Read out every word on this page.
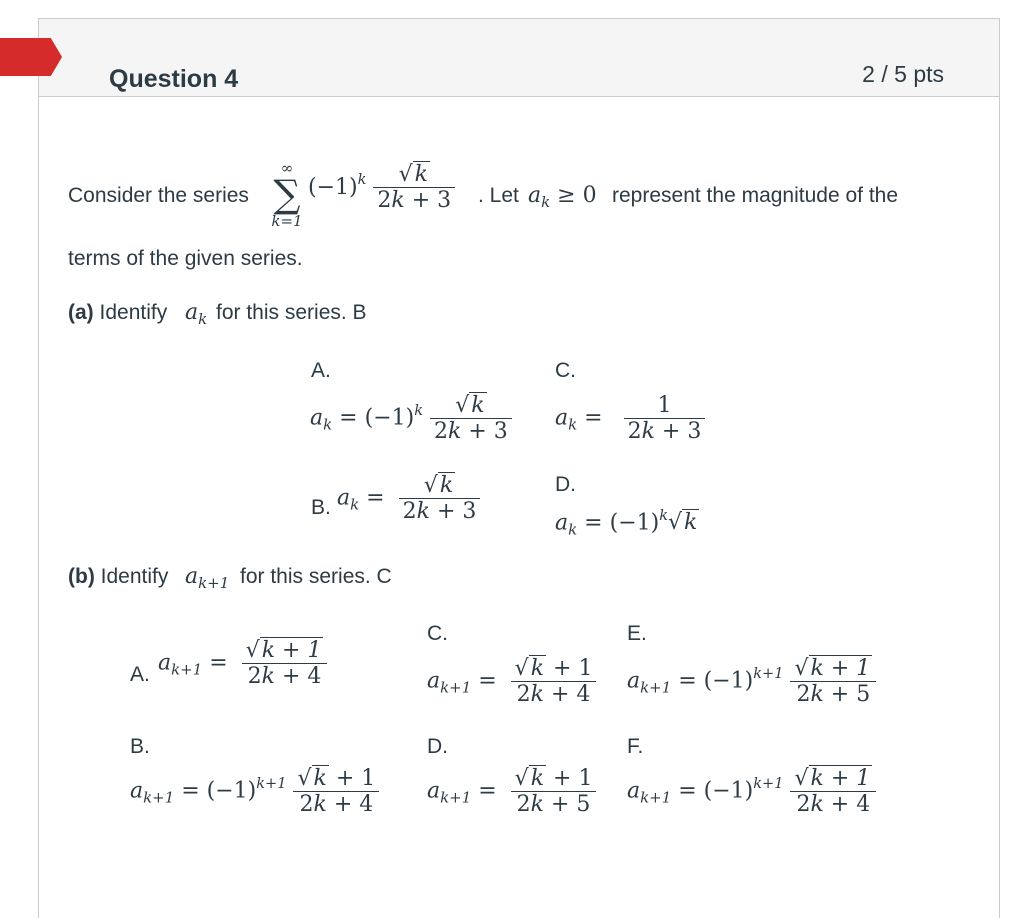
Question 4	2 / 5 pts
Consider the series
∞
∑
k=1
$(-1)^k \frac{√k}{2k + 3}$ . Let $a_k \ge 0$ represent the magnitude of the
terms of the given series.
(a) Identify $a_k$ for this series. B
A.
$a_k = (-1)^k \frac{√k}{2k + 3}$
C.
$a_k = \frac{1}{2k + 3}$
B. $a_k = \frac{√k}{2k + 3}$	D.
$a_k = (-1)^k√k$
(b) Identify $a_{k+1}$ for this series. C
A. $a_{k+1} = \frac{√k + 1}{2k + 4}$
C.
$a_{k+1} = \frac{√k + 1}{2k + 4}$
E.
$a_{k+1} = (-1)^{k+1} \frac{√k + 1}{2k + 5}$
B.
$a_{k+1} = (-1)^{k+1} \frac{√k + 1}{2k + 4}$
D.
$a_{k+1} = \frac{√k + 1}{2k + 5}$
F.
$a_{k+1} = (-1)^{k+1} \frac{√k + 1}{2k + 4}$
